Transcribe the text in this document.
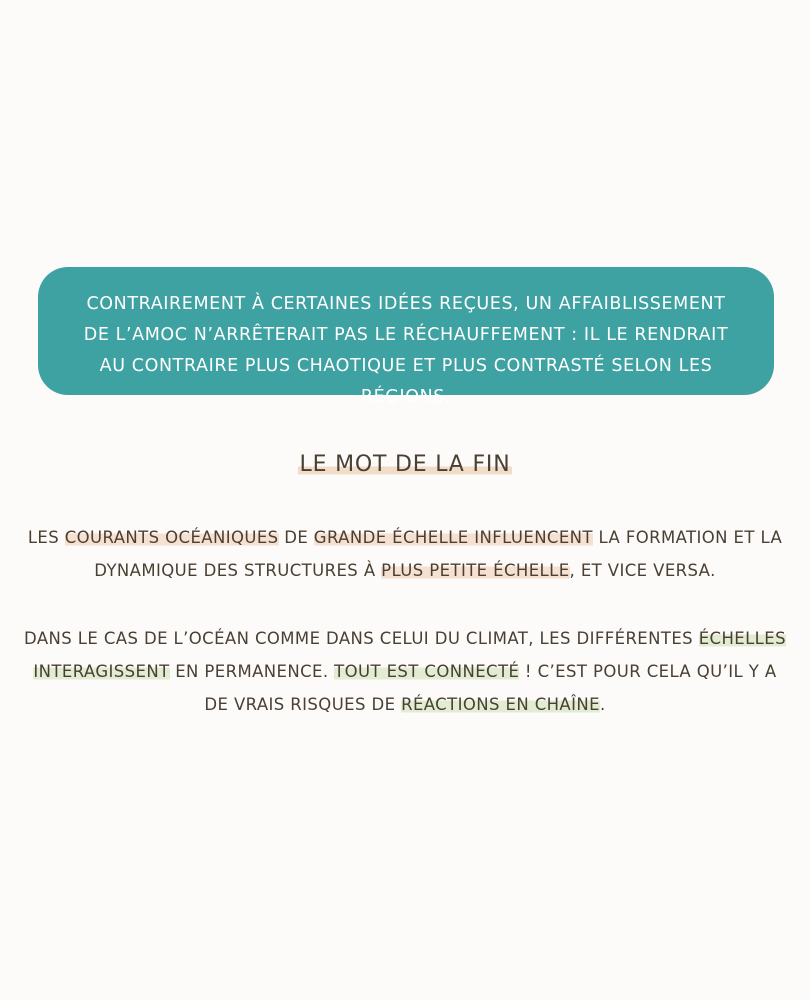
CONTRAIREMENT À CERTAINES IDÉES REÇUES, UN AFFAIBLISSEMENT DE L’AMOC N’ARRÊTERAIT PAS LE RÉCHAUFFEMENT : IL LE RENDRAIT AU CONTRAIRE PLUS CHAOTIQUE ET PLUS CONTRASTÉ SELON LES RÉGIONS.
LE MOT DE LA FIN
LES COURANTS OCÉANIQUES DE GRANDE ÉCHELLE INFLUENCENT LA FORMATION ET LA DYNAMIQUE DES STRUCTURES À PLUS PETITE ÉCHELLE, ET VICE VERSA.
DANS LE CAS DE L’OCÉAN COMME DANS CELUI DU CLIMAT, LES DIFFÉRENTES ÉCHELLES INTERAGISSENT EN PERMANENCE. TOUT EST CONNECTÉ ! C’EST POUR CELA QU’IL Y A DE VRAIS RISQUES DE RÉACTIONS EN CHAÎNE.
